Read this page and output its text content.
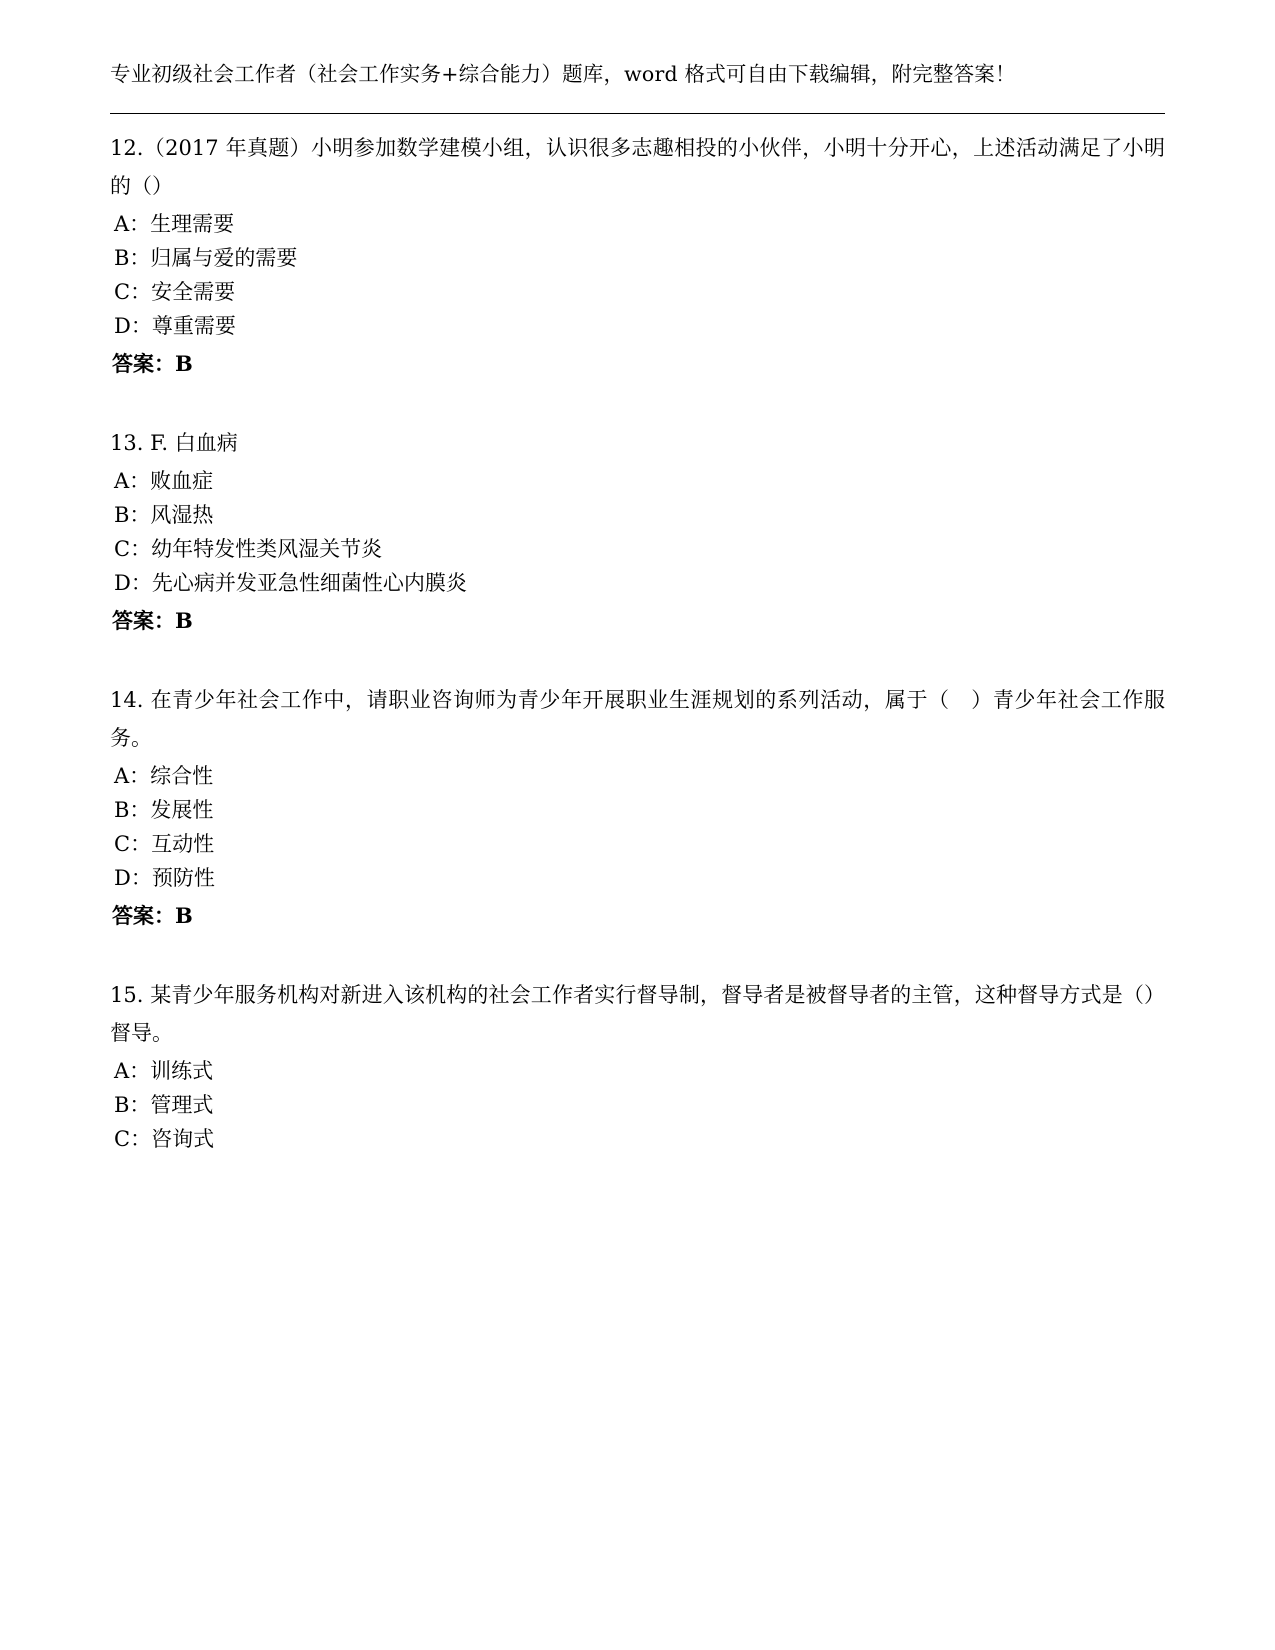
专业初级社会工作者（社会工作实务+综合能力）题库，word 格式可自由下载编辑，附完整答案！

12.（2017 年真题）小明参加数学建模小组，认识很多志趣相投的小伙伴，小明十分开心，上述活动满足了小明的（）

A：生理需要

B：归属与爱的需要

C：安全需要

D：尊重需要

答案：B

13. F. 白血病

A：败血症

B：风湿热

C：幼年特发性类风湿关节炎

D：先心病并发亚急性细菌性心内膜炎

答案：B

14. 在青少年社会工作中，请职业咨询师为青少年开展职业生涯规划的系列活动，属于（　）青少年社会工作服务。

A：综合性

B：发展性

C：互动性

D：预防性

答案：B

15. 某青少年服务机构对新进入该机构的社会工作者实行督导制，督导者是被督导者的主管，这种督导方式是（）督导。

A：训练式

B：管理式

C：咨询式
